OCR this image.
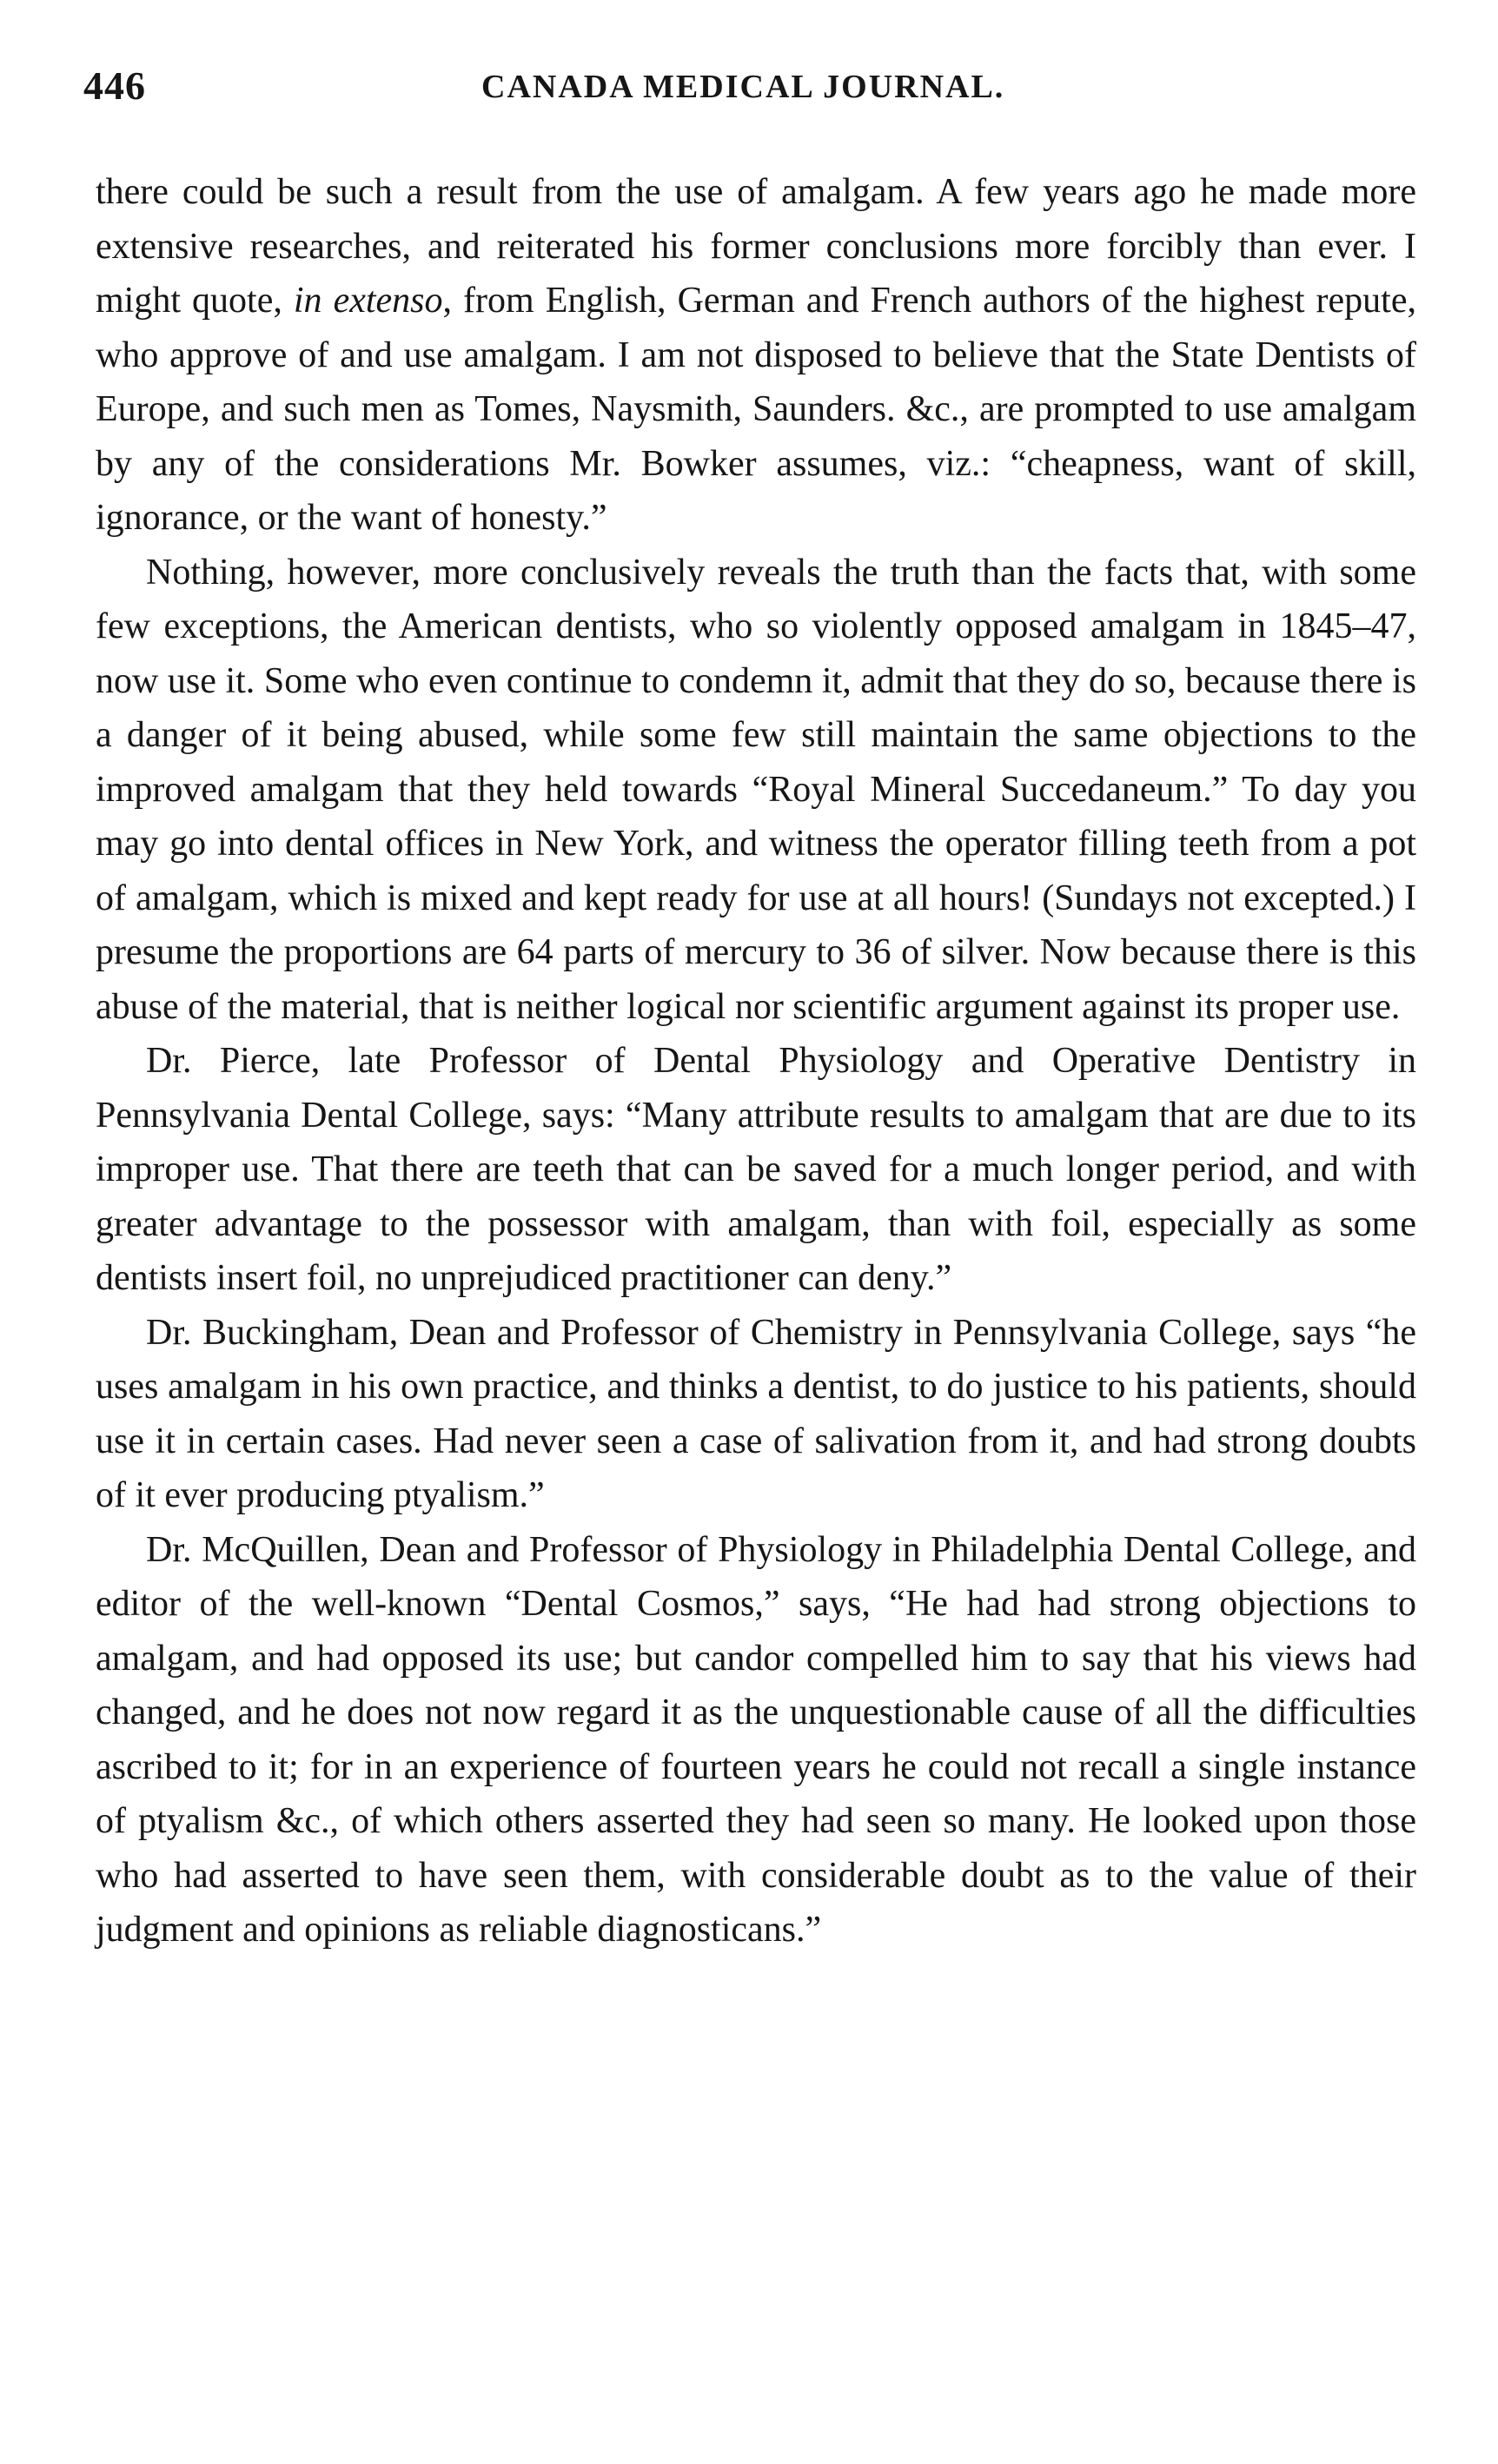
446	CANADA MEDICAL JOURNAL.

there could be such a result from the use of amalgam. A few years ago he made more extensive researches, and reiterated his former conclusions more forcibly than ever. I might quote, in extenso, from English, German and French authors of the highest repute, who approve of and use amalgam. I am not disposed to believe that the State Dentists of Europe, and such men as Tomes, Naysmith, Saunders. &c., are prompted to use amalgam by any of the considerations Mr. Bowker assumes, viz.: “cheapness, want of skill, ignorance, or the want of honesty.”

Nothing, however, more conclusively reveals the truth than the facts that, with some few exceptions, the American dentists, who so violently opposed amalgam in 1845–47, now use it. Some who even continue to condemn it, admit that they do so, because there is a danger of it being abused, while some few still maintain the same objections to the improved amalgam that they held towards “Royal Mineral Succedaneum.” To day you may go into dental offices in New York, and witness the operator filling teeth from a pot of amalgam, which is mixed and kept ready for use at all hours! (Sundays not excepted.) I presume the proportions are 64 parts of mercury to 36 of silver. Now because there is this abuse of the material, that is neither logical nor scientific argument against its proper use.

Dr. Pierce, late Professor of Dental Physiology and Operative Dentistry in Pennsylvania Dental College, says: “Many attribute results to amalgam that are due to its improper use. That there are teeth that can be saved for a much longer period, and with greater advantage to the possessor with amalgam, than with foil, especially as some dentists insert foil, no unprejudiced practitioner can deny.”

Dr. Buckingham, Dean and Professor of Chemistry in Pennsylvania College, says “he uses amalgam in his own practice, and thinks a dentist, to do justice to his patients, should use it in certain cases. Had never seen a case of salivation from it, and had strong doubts of it ever producing ptyalism.”

Dr. McQuillen, Dean and Professor of Physiology in Philadelphia Dental College, and editor of the well-known “Dental Cosmos,” says, “He had had strong objections to amalgam, and had opposed its use; but candor compelled him to say that his views had changed, and he does not now regard it as the unquestionable cause of all the difficulties ascribed to it; for in an experience of fourteen years he could not recall a single instance of ptyalism &c., of which others asserted they had seen so many. He looked upon those who had asserted to have seen them, with considerable doubt as to the value of their judgment and opinions as reliable diagnosticans.”
